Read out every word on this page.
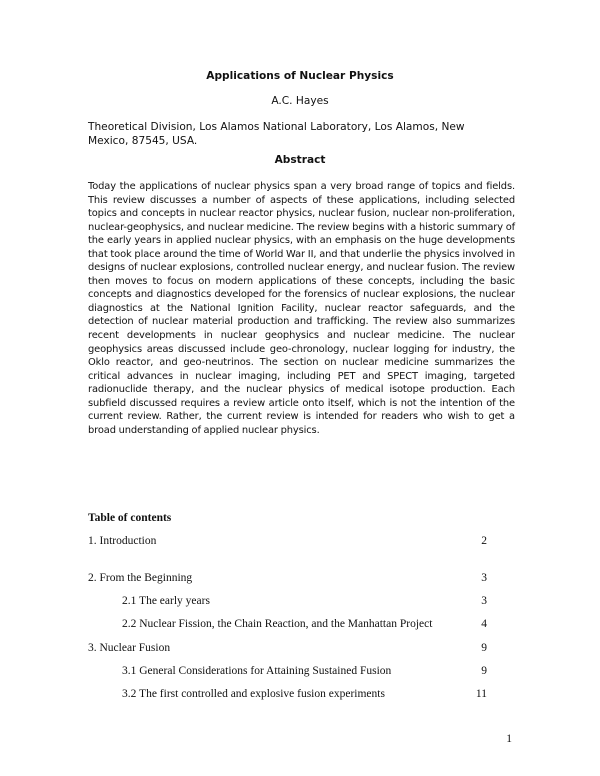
Applications of Nuclear Physics
A.C. Hayes
Theoretical Division, Los Alamos National Laboratory, Los Alamos, New Mexico, 87545, USA.
Abstract
Today the applications of nuclear physics span a very broad range of topics and fields. This review discusses a number of aspects of these applications, including selected topics and concepts in nuclear reactor physics, nuclear fusion, nuclear non-proliferation, nuclear-geophysics, and nuclear medicine. The review begins with a historic summary of the early years in applied nuclear physics, with an emphasis on the huge developments that took place around the time of World War II, and that underlie the physics involved in designs of nuclear explosions, controlled nuclear energy, and nuclear fusion. The review then moves to focus on modern applications of these concepts, including the basic concepts and diagnostics developed for the forensics of nuclear explosions, the nuclear diagnostics at the National Ignition Facility, nuclear reactor safeguards, and the detection of nuclear material production and trafficking. The review also summarizes recent developments in nuclear geophysics and nuclear medicine. The nuclear geophysics areas discussed include geo-chronology, nuclear logging for industry, the Oklo reactor, and geo-neutrinos. The section on nuclear medicine summarizes the critical advances in nuclear imaging, including PET and SPECT imaging, targeted radionuclide therapy, and the nuclear physics of medical isotope production. Each subfield discussed requires a review article onto itself, which is not the intention of the current review. Rather, the current review is intended for readers who wish to get a broad understanding of applied nuclear physics.
Table of contents
1. Introduction	2
2. From the Beginning	3
2.1 The early years	3
2.2 Nuclear Fission, the Chain Reaction, and the Manhattan Project	4
3. Nuclear Fusion	9
3.1 General Considerations for Attaining Sustained Fusion	9
3.2 The first controlled and explosive fusion experiments	11
1
